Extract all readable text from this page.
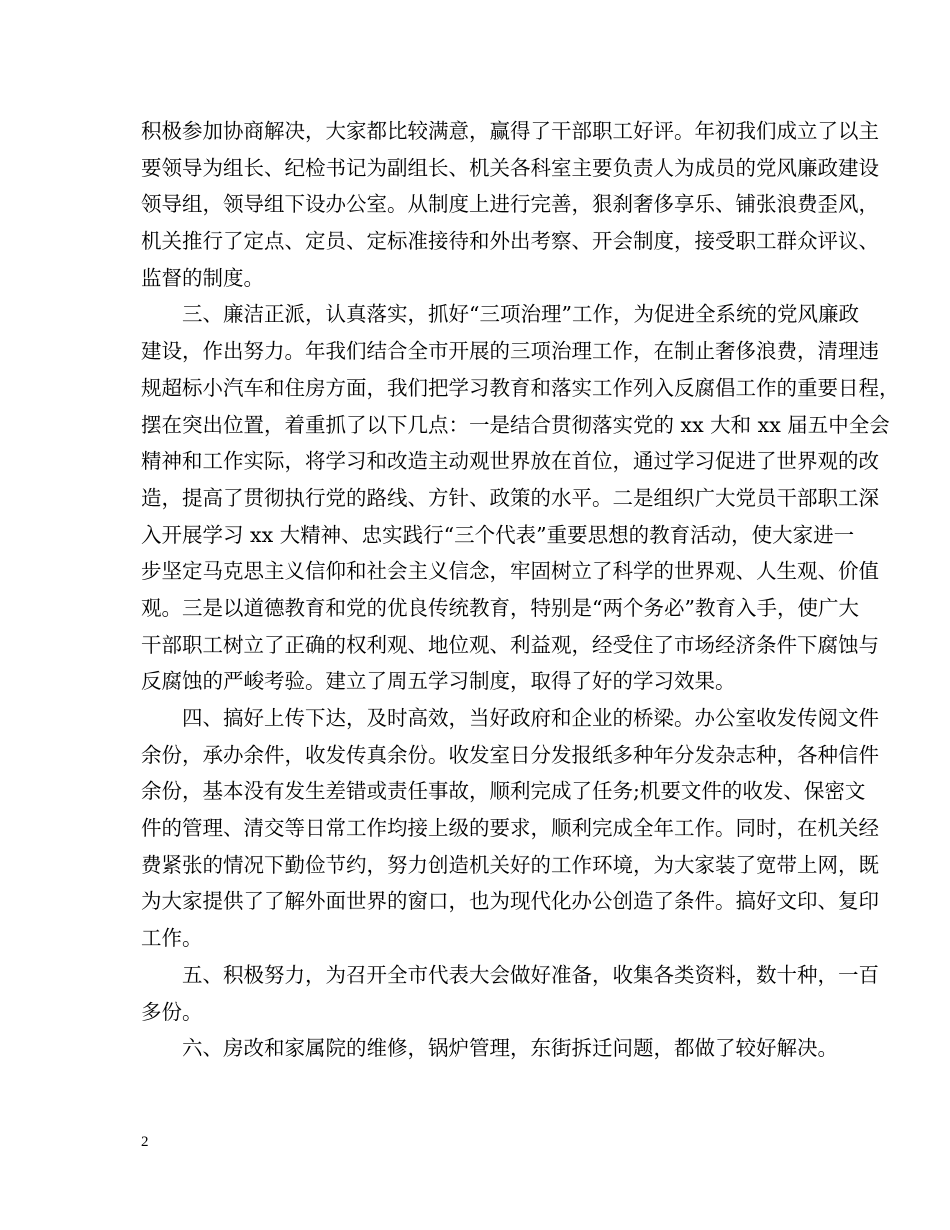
积极参加协商解决，大家都比较满意，赢得了干部职工好评。年初我们成立了以主
要领导为组长、纪检书记为副组长、机关各科室主要负责人为成员的党风廉政建设
领导组，领导组下设办公室。从制度上进行完善，狠刹奢侈享乐、铺张浪费歪风，
机关推行了定点、定员、定标准接待和外出考察、开会制度，接受职工群众评议、
监督的制度。
三、廉洁正派，认真落实，抓好“三项治理”工作，为促进全系统的党风廉政
建设，作出努力。年我们结合全市开展的三项治理工作，在制止奢侈浪费，清理违
规超标小汽车和住房方面，我们把学习教育和落实工作列入反腐倡工作的重要日程，
摆在突出位置，着重抓了以下几点：一是结合贯彻落实党的 xx 大和 xx 届五中全会
精神和工作实际，将学习和改造主动观世界放在首位，通过学习促进了世界观的改
造，提高了贯彻执行党的路线、方针、政策的水平。二是组织广大党员干部职工深
入开展学习 xx 大精神、忠实践行“三个代表”重要思想的教育活动，使大家进一
步坚定马克思主义信仰和社会主义信念，牢固树立了科学的世界观、人生观、价值
观。三是以道德教育和党的优良传统教育，特别是“两个务必”教育入手，使广大
干部职工树立了正确的权利观、地位观、利益观，经受住了市场经济条件下腐蚀与
反腐蚀的严峻考验。建立了周五学习制度，取得了好的学习效果。
四、搞好上传下达，及时高效，当好政府和企业的桥梁。办公室收发传阅文件
余份，承办余件，收发传真余份。收发室日分发报纸多种年分发杂志种，各种信件
余份，基本没有发生差错或责任事故，顺利完成了任务;机要文件的收发、保密文
件的管理、清交等日常工作均接上级的要求，顺利完成全年工作。同时，在机关经
费紧张的情况下勤俭节约，努力创造机关好的工作环境，为大家装了宽带上网，既
为大家提供了了解外面世界的窗口，也为现代化办公创造了条件。搞好文印、复印
工作。
五、积极努力，为召开全市代表大会做好准备，收集各类资料，数十种，一百
多份。
六、房改和家属院的维修，锅炉管理，东街拆迁问题，都做了较好解决。
2
